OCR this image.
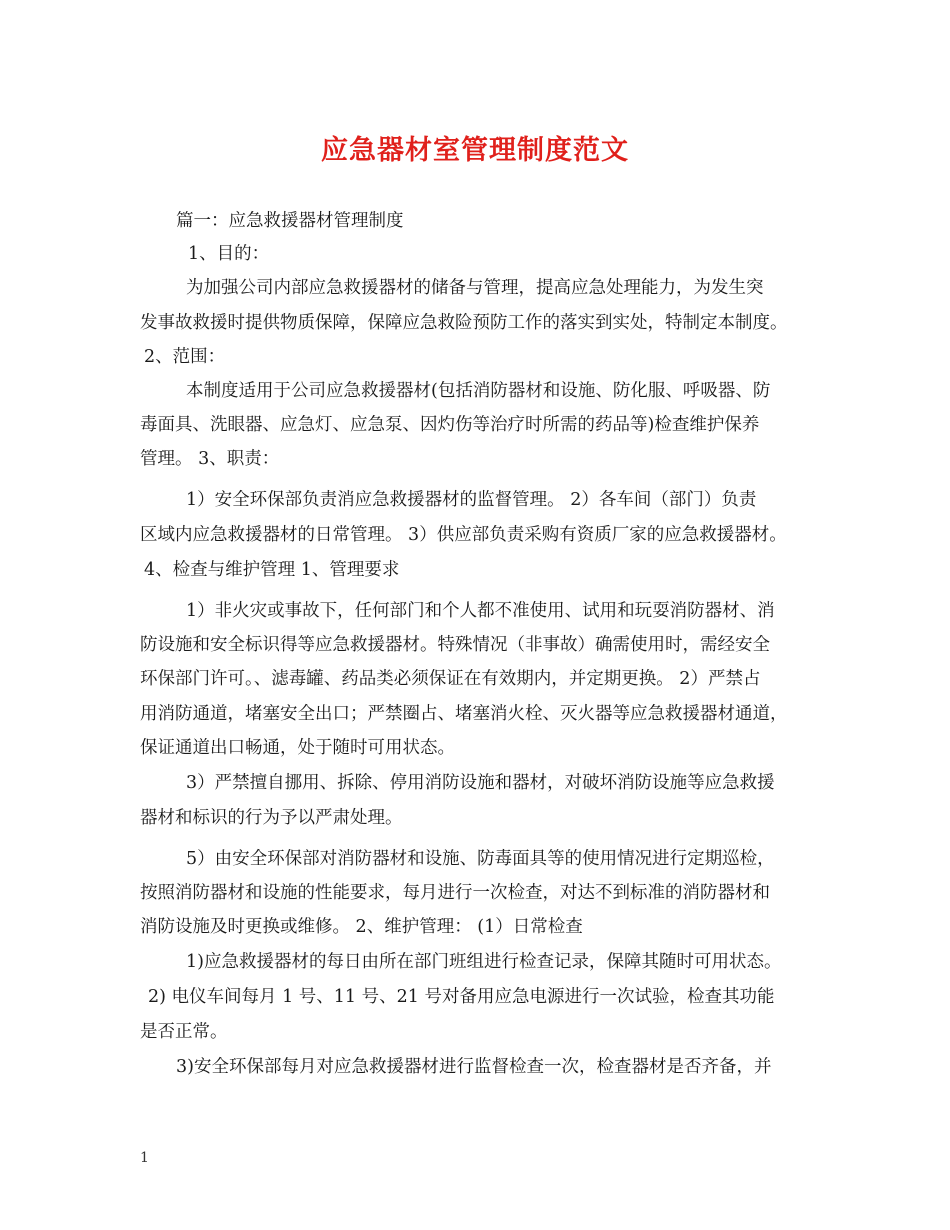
应急器材室管理制度范文
篇一：应急救援器材管理制度
1、目的：
为加强公司内部应急救援器材的储备与管理，提高应急处理能力，为发生突
发事故救援时提供物质保障，保障应急救险预防工作的落实到实处，特制定本制度。
2、范围：
本制度适用于公司应急救援器材(包括消防器材和设施、防化服、呼吸器、防
毒面具、洗眼器、应急灯、应急泵、因灼伤等治疗时所需的药品等)检查维护保养
管理。 3、职责：
1）安全环保部负责消应急救援器材的监督管理。 2）各车间（部门）负责
区域内应急救援器材的日常管理。 3）供应部负责采购有资质厂家的应急救援器材。
4、检查与维护管理 1、管理要求
1）非火灾或事故下，任何部门和个人都不准使用、试用和玩耍消防器材、消
防设施和安全标识得等应急救援器材。特殊情况（非事故）确需使用时，需经安全
环保部门许可。、滤毒罐、药品类必须保证在有效期内，并定期更换。 2）严禁占
用消防通道，堵塞安全出口；严禁圈占、堵塞消火栓、灭火器等应急救援器材通道，
保证通道出口畅通，处于随时可用状态。
3）严禁擅自挪用、拆除、停用消防设施和器材，对破坏消防设施等应急救援
器材和标识的行为予以严肃处理。
5）由安全环保部对消防器材和设施、防毒面具等的使用情况进行定期巡检，
按照消防器材和设施的性能要求，每月进行一次检查，对达不到标准的消防器材和
消防设施及时更换或维修。 2、维护管理： (1）日常检查
1)应急救援器材的每日由所在部门班组进行检查记录，保障其随时可用状态。
2) 电仪车间每月 1 号、11 号、21 号对备用应急电源进行一次试验，检查其功能
是否正常。
3)安全环保部每月对应急救援器材进行监督检查一次，检查器材是否齐备，并
1
